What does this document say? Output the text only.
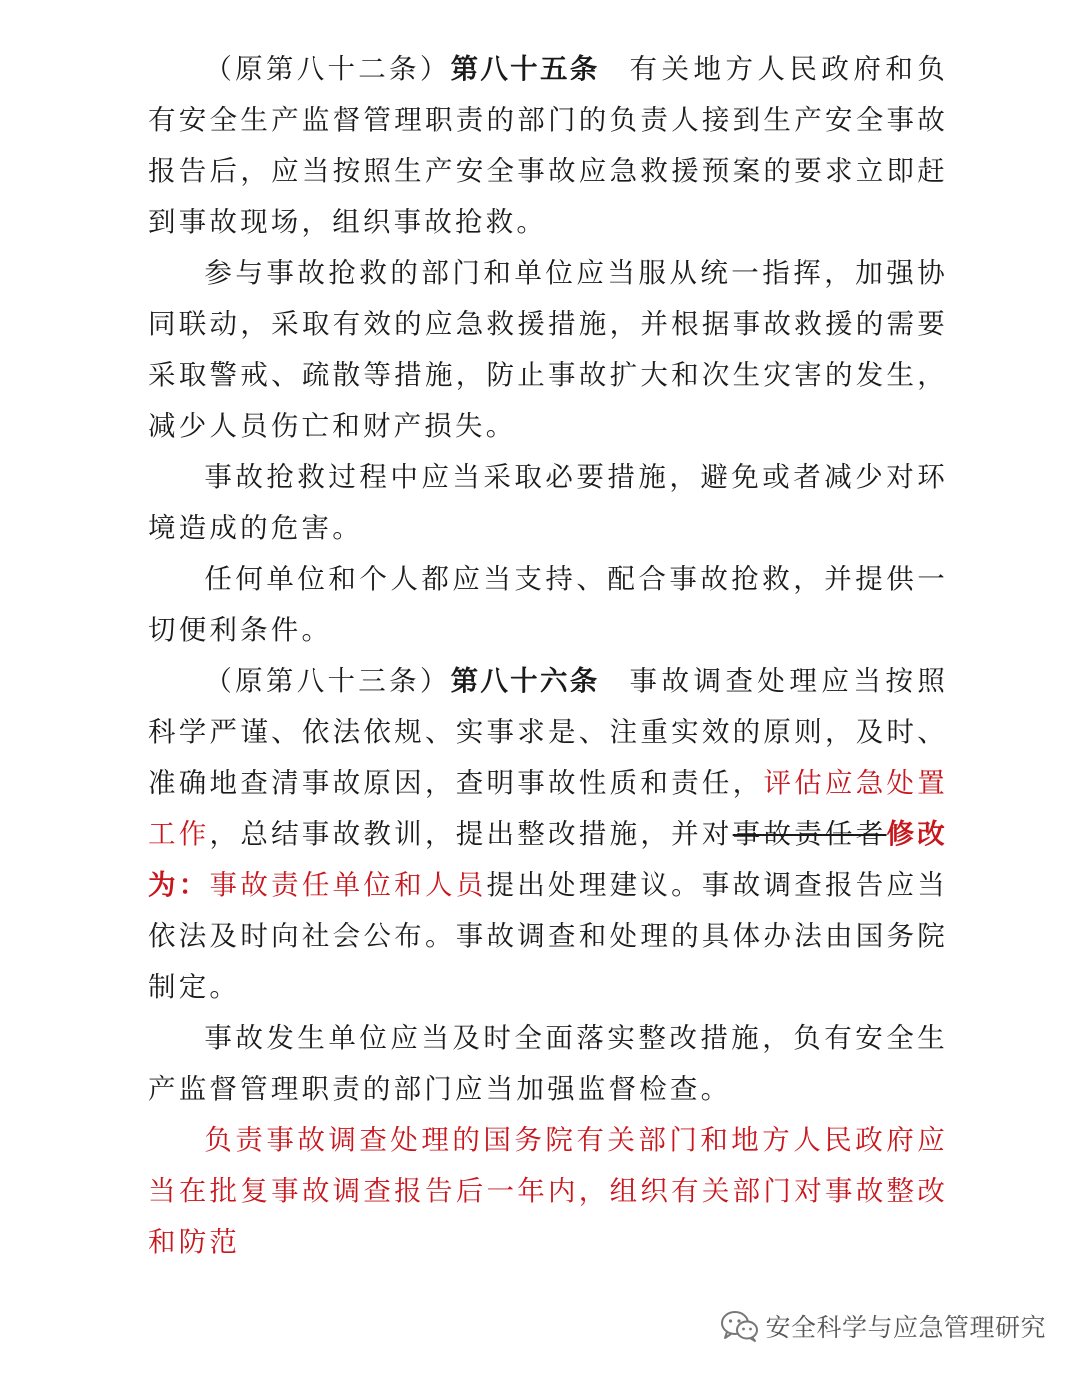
（原第八十二条）第八十五条 有关地方人民政府和负有安全生产监督管理职责的部门的负责人接到生产安全事故报告后，应当按照生产安全事故应急救援预案的要求立即赶到事故现场，组织事故抢救。

参与事故抢救的部门和单位应当服从统一指挥，加强协同联动，采取有效的应急救援措施，并根据事故救援的需要采取警戒、疏散等措施，防止事故扩大和次生灾害的发生，减少人员伤亡和财产损失。

事故抢救过程中应当采取必要措施，避免或者减少对环境造成的危害。

任何单位和个人都应当支持、配合事故抢救，并提供一切便利条件。

（原第八十三条）第八十六条 事故调查处理应当按照科学严谨、依法依规、实事求是、注重实效的原则，及时、准确地查清事故原因，查明事故性质和责任，评估应急处置工作，总结事故教训，提出整改措施，并对事故责任者修改为：事故责任单位和人员提出处理建议。事故调查报告应当依法及时向社会公布。事故调查和处理的具体办法由国务院制定。

事故发生单位应当及时全面落实整改措施，负有安全生产监督管理职责的部门应当加强监督检查。

负责事故调查处理的国务院有关部门和地方人民政府应当在批复事故调查报告后一年内，组织有关部门对事故整改和防范

安全科学与应急管理研究
